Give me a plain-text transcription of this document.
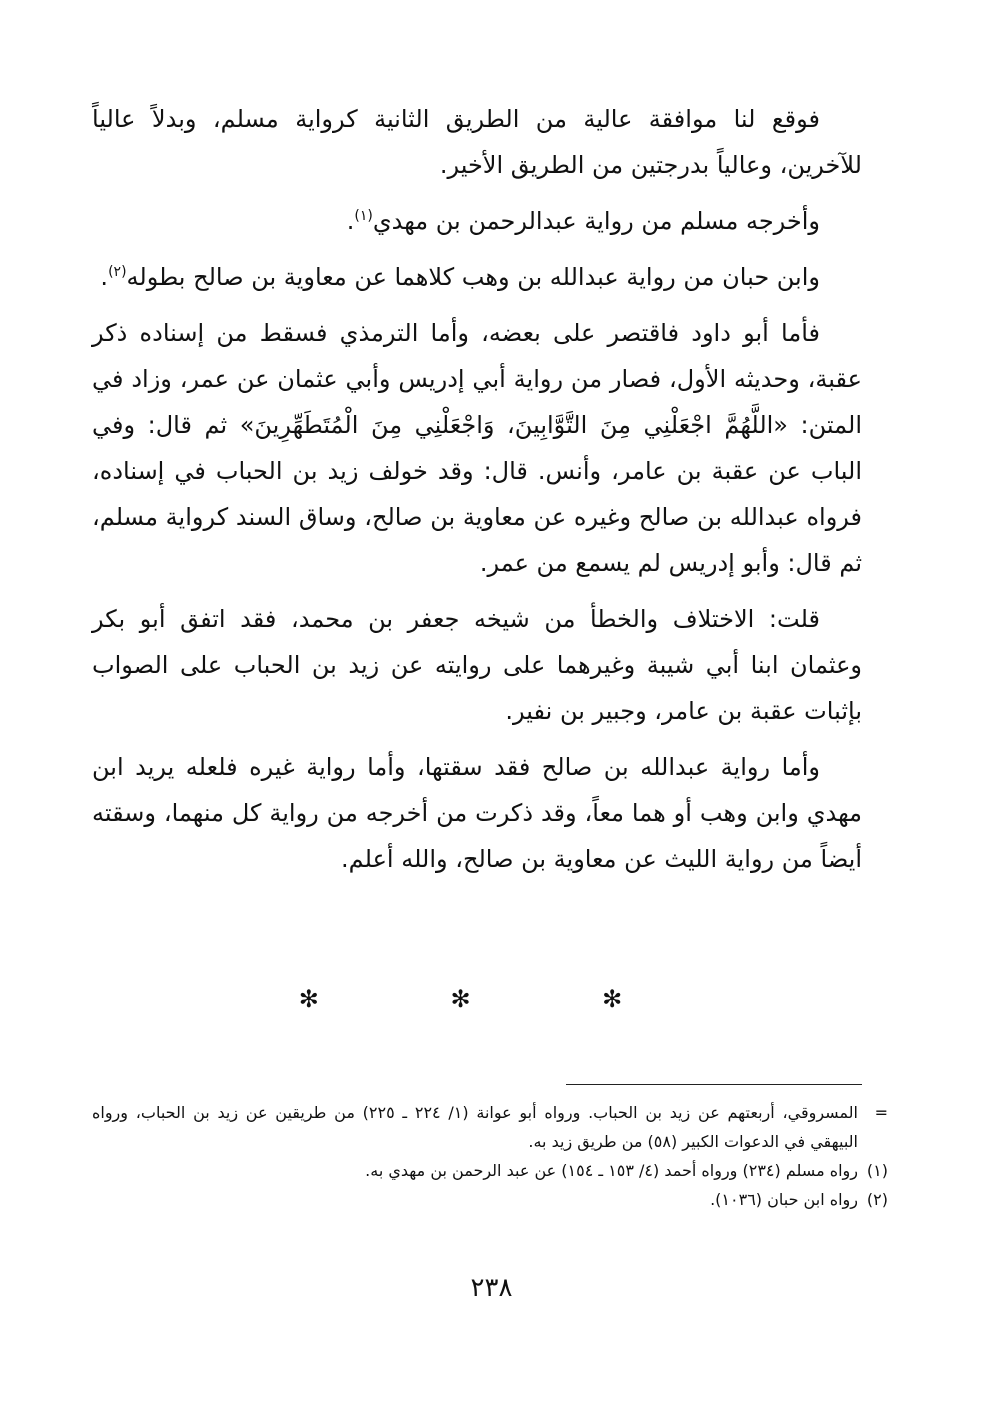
فوقع لنا موافقة عالية من الطريق الثانية كرواية مسلم، وبدلاً عالياً للآخرين، وعالياً بدرجتين من الطريق الأخير.

وأخرجه مسلم من رواية عبدالرحمن بن مهدي$^{(١)}$.

وابن حبان من رواية عبدالله بن وهب كلاهما عن معاوية بن صالح بطوله$^{(٢)}$.

فأما أبو داود فاقتصر على بعضه، وأما الترمذي فسقط من إسناده ذكر عقبة، وحديثه الأول، فصار من رواية أبي إدريس وأبي عثمان عن عمر، وزاد في المتن: «اللَّهُمَّ اجْعَلْنِي مِنَ التَّوَّابِينَ، وَاجْعَلْنِي مِنَ الْمُتَطَهِّرِينَ» ثم قال: وفي الباب عن عقبة بن عامر، وأنس. قال: وقد خولف زيد بن الحباب في إسناده، فرواه عبدالله بن صالح وغيره عن معاوية بن صالح، وساق السند كرواية مسلم، ثم قال: وأبو إدريس لم يسمع من عمر.

قلت: الاختلاف والخطأ من شيخه جعفر بن محمد، فقد اتفق أبو بكر وعثمان ابنا أبي شيبة وغيرهما على روايته عن زيد بن الحباب على الصواب بإثبات عقبة بن عامر، وجبير بن نفير.

وأما رواية عبدالله بن صالح فقد سقتها، وأما رواية غيره فلعله يريد ابن مهدي وابن وهب أو هما معاً، وقد ذكرت من أخرجه من رواية كل منهما، وسقته أيضاً من رواية الليث عن معاوية بن صالح، والله أعلم.

✻ ✻ ✻
=
المسروقي، أربعتهم عن زيد بن الحباب. ورواه أبو عوانة (١/ ٢٢٤ ـ ٢٢٥) من طريقين عن زيد بن الحباب، ورواه البيهقي في الدعوات الكبير (٥٨) من طريق زيد به.
(١)
رواه مسلم (٢٣٤) ورواه أحمد (٤/ ١٥٣ ـ ١٥٤) عن عبد الرحمن بن مهدي به.
(٢)
رواه ابن حبان (١٠٣٦).
٢٣٨
